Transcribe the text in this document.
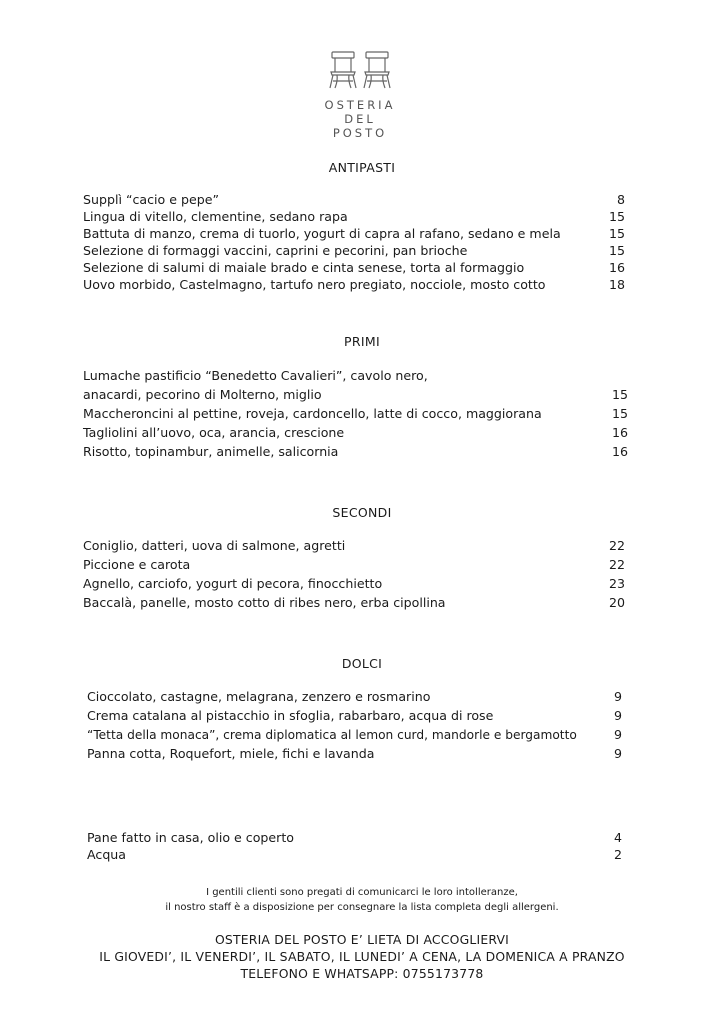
OSTERIA
DEL
POSTO
ANTIPASTI
Supplì “cacio e pepe”	8
Lingua di vitello, clementine, sedano rapa	15
Battuta di manzo, crema di tuorlo, yogurt di capra al rafano, sedano e mela	15
Selezione di formaggi vaccini, caprini e pecorini, pan brioche	15
Selezione di salumi di maiale brado e cinta senese, torta al formaggio	16
Uovo morbido, Castelmagno, tartufo nero pregiato, nocciole, mosto cotto	18
PRIMI
Lumache pastificio “Benedetto Cavalieri”, cavolo nero,
anacardi, pecorino di Molterno, miglio	15
Maccheroncini al pettine, roveja, cardoncello, latte di cocco, maggiorana	15
Tagliolini all’uovo, oca, arancia, crescione	16
Risotto, topinambur, animelle, salicornia	16
SECONDI
Coniglio, datteri, uova di salmone, agretti	22
Piccione e carota	22
Agnello, carciofo, yogurt di pecora, finocchietto	23
Baccalà, panelle, mosto cotto di ribes nero, erba cipollina	20
DOLCI
Cioccolato, castagne, melagrana, zenzero e rosmarino	9
Crema catalana al pistacchio in sfoglia, rabarbaro, acqua di rose	9
“Tetta della monaca”, crema diplomatica al lemon curd, mandorle e bergamotto	9
Panna cotta, Roquefort, miele, fichi e lavanda	9
Pane fatto in casa, olio e coperto	4
Acqua	2
I gentili clienti sono pregati di comunicarci le loro intolleranze,
il nostro staff è a disposizione per consegnare la lista completa degli allergeni.
OSTERIA DEL POSTO E’ LIETA DI ACCOGLIERVI
IL GIOVEDI’, IL VENERDI’, IL SABATO, IL LUNEDI’ A CENA, LA DOMENICA A PRANZO
TELEFONO E WHATSAPP: 0755173778
